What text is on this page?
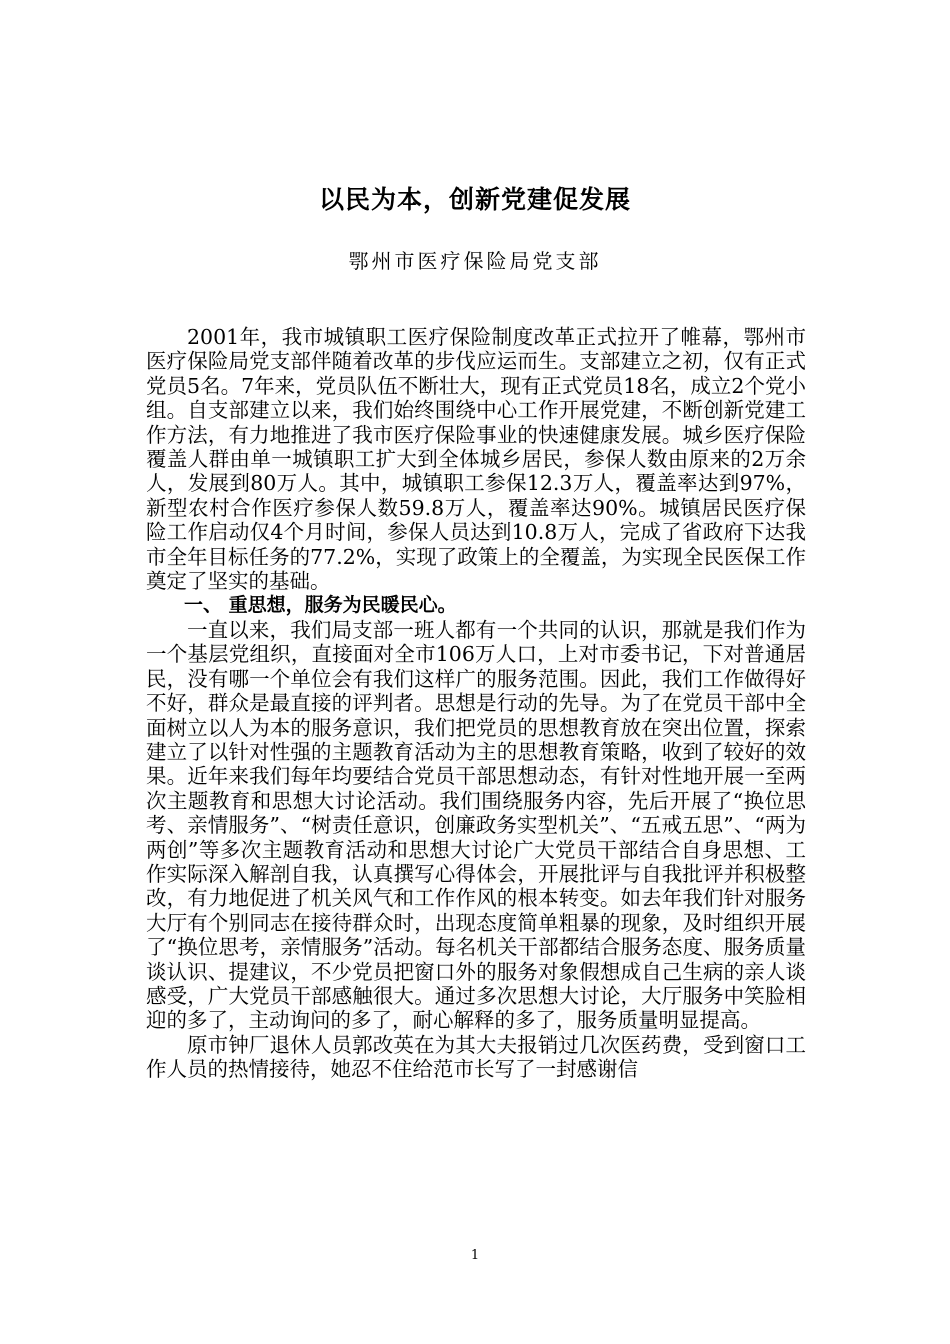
以民为本，创新党建促发展
鄂州市医疗保险局党支部

2001年，我市城镇职工医疗保险制度改革正式拉开了帷幕，鄂州市医疗保险局党支部伴随着改革的步伐应运而生。支部建立之初，仅有正式党员5名。7年来，党员队伍不断壮大，现有正式党员18名，成立2个党小组。自支部建立以来，我们始终围绕中心工作开展党建，不断创新党建工作方法，有力地推进了我市医疗保险事业的快速健康发展。城乡医疗保险覆盖人群由单一城镇职工扩大到全体城乡居民，参保人数由原来的2万余人，发展到80万人。其中，城镇职工参保12.3万人，覆盖率达到97%，新型农村合作医疗参保人数59.8万人，覆盖率达90%。城镇居民医疗保险工作启动仅4个月时间，参保人员达到10.8万人，完成了省政府下达我市全年目标任务的77.2%，实现了政策上的全覆盖，为实现全民医保工作奠定了坚实的基础。

一、 重思想，服务为民暖民心。

一直以来，我们局支部一班人都有一个共同的认识，那就是我们作为一个基层党组织，直接面对全市106万人口，上对市委书记，下对普通居民，没有哪一个单位会有我们这样广的服务范围。因此，我们工作做得好不好，群众是最直接的评判者。思想是行动的先导。为了在党员干部中全面树立以人为本的服务意识，我们把党员的思想教育放在突出位置，探索建立了以针对性强的主题教育活动为主的思想教育策略，收到了较好的效果。近年来我们每年均要结合党员干部思想动态，有针对性地开展一至两次主题教育和思想大讨论活动。我们围绕服务内容，先后开展了“换位思考、亲情服务”、“树责任意识，创廉政务实型机关”、“五戒五思”、“两为两创”等多次主题教育活动和思想大讨论广大党员干部结合自身思想、工作实际深入解剖自我，认真撰写心得体会，开展批评与自我批评并积极整改，有力地促进了机关风气和工作作风的根本转变。如去年我们针对服务大厅有个别同志在接待群众时，出现态度简单粗暴的现象，及时组织开展了“换位思考，亲情服务”活动。每名机关干部都结合服务态度、服务质量谈认识、提建议，不少党员把窗口外的服务对象假想成自己生病的亲人谈感受，广大党员干部感触很大。通过多次思想大讨论，大厅服务中笑脸相迎的多了，主动询问的多了，耐心解释的多了，服务质量明显提高。

原市钟厂退休人员郭改英在为其大夫报销过几次医药费，受到窗口工作人员的热情接待，她忍不住给范市长写了一封感谢信

1
